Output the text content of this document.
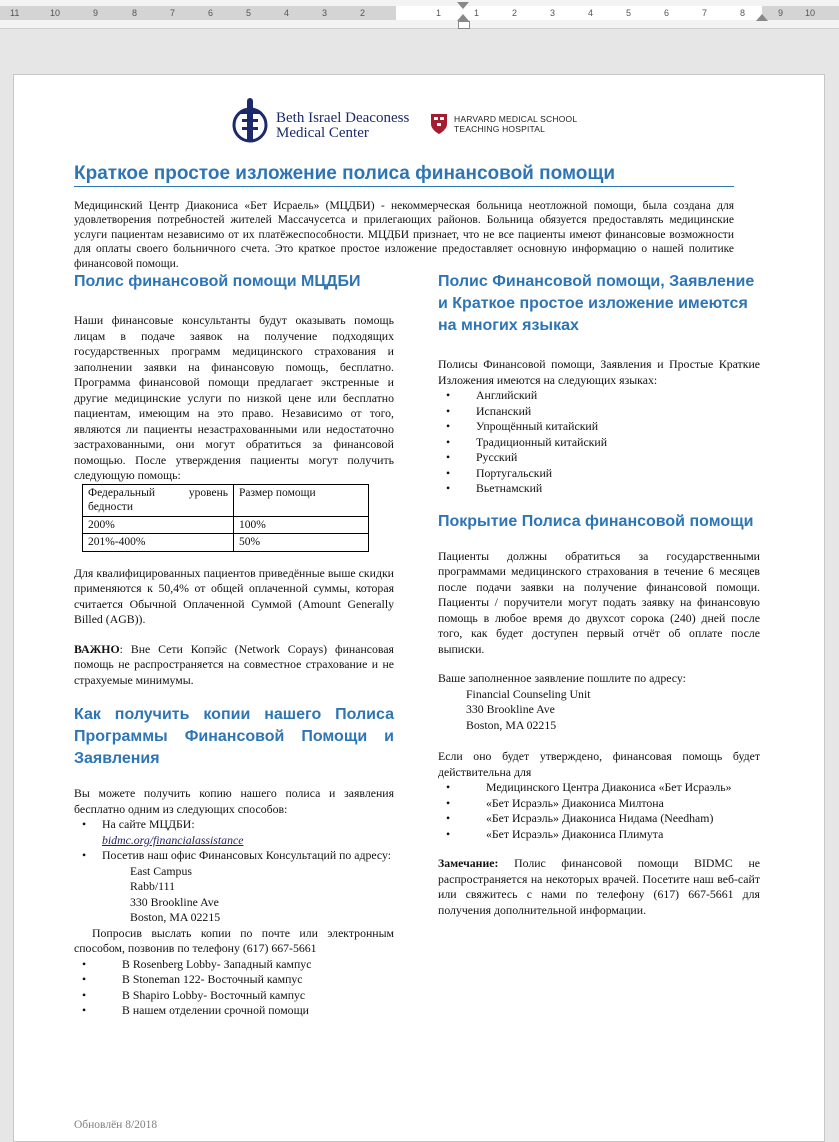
11	10	9	8	7	6	5	4	3	2	1	1	2	3	4	5	6	7	8	9 10
Beth Israel Deaconess
Medical Center
HARVARD MEDICAL SCHOOL
TEACHING HOSPITAL
Краткое простое изложение полиса финансовой помощи

Медицинский Центр Диакониса «Бет Исраель» (МЦДБИ) - некоммерческая больница неотложной помощи, была создана для удовлетворения потребностей жителей Массачусетса и прилегающих районов. Больница обязуется предоставлять медицинские услуги пациентам независимо от их платёжеспособности. МЦДБИ признает, что не все пациенты имеют финансовые возможности для оплаты своего больничного счета. Это краткое простое изложение предоставляет основную информацию о нашей политике финансовой помощи.

Полис финансовой помощи МЦДБИ

Наши финансовые консультанты будут оказывать помощь лицам в подаче заявок на получение подходящих государственных программ медицинского страхования и заполнении заявки на финансовую помощь, бесплатно. Программа финансовой помощи предлагает экстренные и другие медицинские услуги по низкой цене или бесплатно пациентам, имеющим на это право. Независимо от того, являются ли пациенты незастрахованными или недостаточно застрахованными, они могут обратиться за финансовой помощью. После утверждения пациенты могут получить следующую помощь:

Федеральный уровень бедности	Размер помощи
200%	100%
201%-400%	50%

Для квалифицированных пациентов приведённые выше скидки применяются к 50,4% от общей оплаченной суммы, которая считается Обычной Оплаченной Суммой (Amount Generally Billed (AGB)).

ВАЖНО: Вне Сети Копэйс (Network Copays) финансовая помощь не распространяется на совместное страхование и не страхуемые минимумы.

Как получить копии нашего Полиса Программы Финансовой Помощи и Заявления

Вы можете получить копию нашего полиса и заявления бесплатно одним из следующих способов:

• На сайте МЦДБИ:
bidmc.org/financialassistance
• Посетив наш офис Финансовых Консультаций по адресу:
East Campus
Rabb/111
330 Brookline Ave
Boston, MA 02215

Попросив выслать копии по почте или электронным способом, позвонив по телефону (617) 667-5661

• В Rosenberg Lobby- Западный кампус
• В Stoneman 122- Восточный кампус
• В Shapiro Lobby- Восточный кампус
• В нашем отделении срочной помощи
Полис Финансовой помощи, Заявление и Краткое простое изложение имеются на многих языках

Полисы Финансовой помощи, Заявления и Простые Краткие Изложения имеются на следующих языках:

• Английский
• Испанский
• Упрощённый китайский
• Традиционный китайский
• Русский
• Португальский
• Вьетнамский
Покрытие Полиса финансовой помощи

Пациенты должны обратиться за государственными программами медицинского страхования в течение 6 месяцев после подачи заявки на получение финансовой помощи. Пациенты / поручители могут подать заявку на финансовую помощь в любое время до двухсот сорока (240) дней после того, как будет доступен первый отчёт об оплате после выписки.

Ваше заполненное заявление пошлите по адресу:

Financial Counseling Unit
330 Brookline Ave
Boston, MA 02215

Если оно будет утверждено, финансовая помощь будет действительна для

• Медицинского Центра Диакониса «Бет Исраэль»
• «Бет Исраэль» Диакониса Милтона
• «Бет Исраэль» Диакониса Нидама (Needham)
• «Бет Исраэль» Диакониса Плимута

Замечание: Полис финансовой помощи BIDMC не распространяется на некоторых врачей. Посетите наш веб-сайт или свяжитесь с нами по телефону (617) 667-5661 для получения дополнительной информации.

Обновлён 8/2018
